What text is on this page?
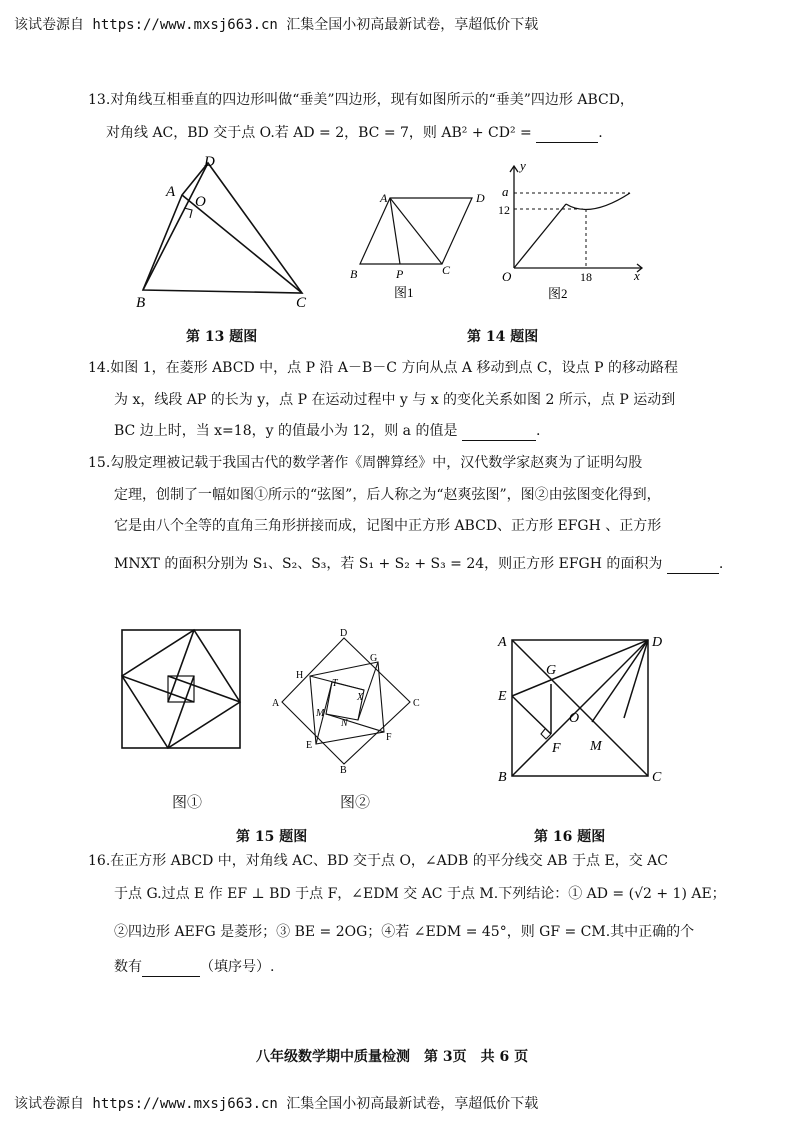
该试卷源自 https://www.mxsj663.cn 汇集全国小初高最新试卷，享超低价下载
13.对角线互相垂直的四边形叫做“垂美”四边形，现有如图所示的“垂美”四边形 ABCD，
对角线 AC，BD 交于点 O.若 AD = 2，BC = 7，则 AB² + CD² =	.
D
A
O
B	C
第 13 题图
A	D
B	P	C
图1
y
a
12
O	18	x
图2
第 14 题图
14.如图 1，在菱形 ABCD 中，点 P 沿 A－B－C 方向从点 A 移动到点 C，设点 P 的移动路程
为 x，线段 AP 的长为 y，点 P 在运动过程中 y 与 x 的变化关系如图 2 所示，点 P 运动到
BC 边上时，当 x=18，y 的值最小为 12，则 a 的值是	.
15.勾股定理被记载于我国古代的数学著作《周髀算经》中，汉代数学家赵爽为了证明勾股
定理，创制了一幅如图①所示的“弦图”，后人称之为“赵爽弦图”，图②由弦图变化得到，
它是由八个全等的直角三角形拼接而成，记图中正方形 ABCD、正方形 EFGH 、正方形
MNXT 的面积分别为 S₁、S₂、S₃，若 S₁ + S₂ + S₃ = 24，则正方形 EFGH 的面积为	.
图①
D
G
H
T
X
C
A
M
N
E
F
B
图②
第 15 题图
A	D
G
E
O
F M
B	C
第 16 题图
16.在正方形 ABCD 中，对角线 AC、BD 交于点 O，∠ADB 的平分线交 AB 于点 E，交 AC
于点 G.过点 E 作 EF ⊥ BD 于点 F，∠EDM 交 AC 于点 M.下列结论：① AD = (√2 + 1) AE；
②四边形 AEFG 是菱形；③ BE = 2OG；④若 ∠EDM = 45°，则 GF = CM.其中正确的个
数有	（填序号）.
八年级数学期中质量检测　第 3页　共 6 页
该试卷源自 https://www.mxsj663.cn 汇集全国小初高最新试卷，享超低价下载
